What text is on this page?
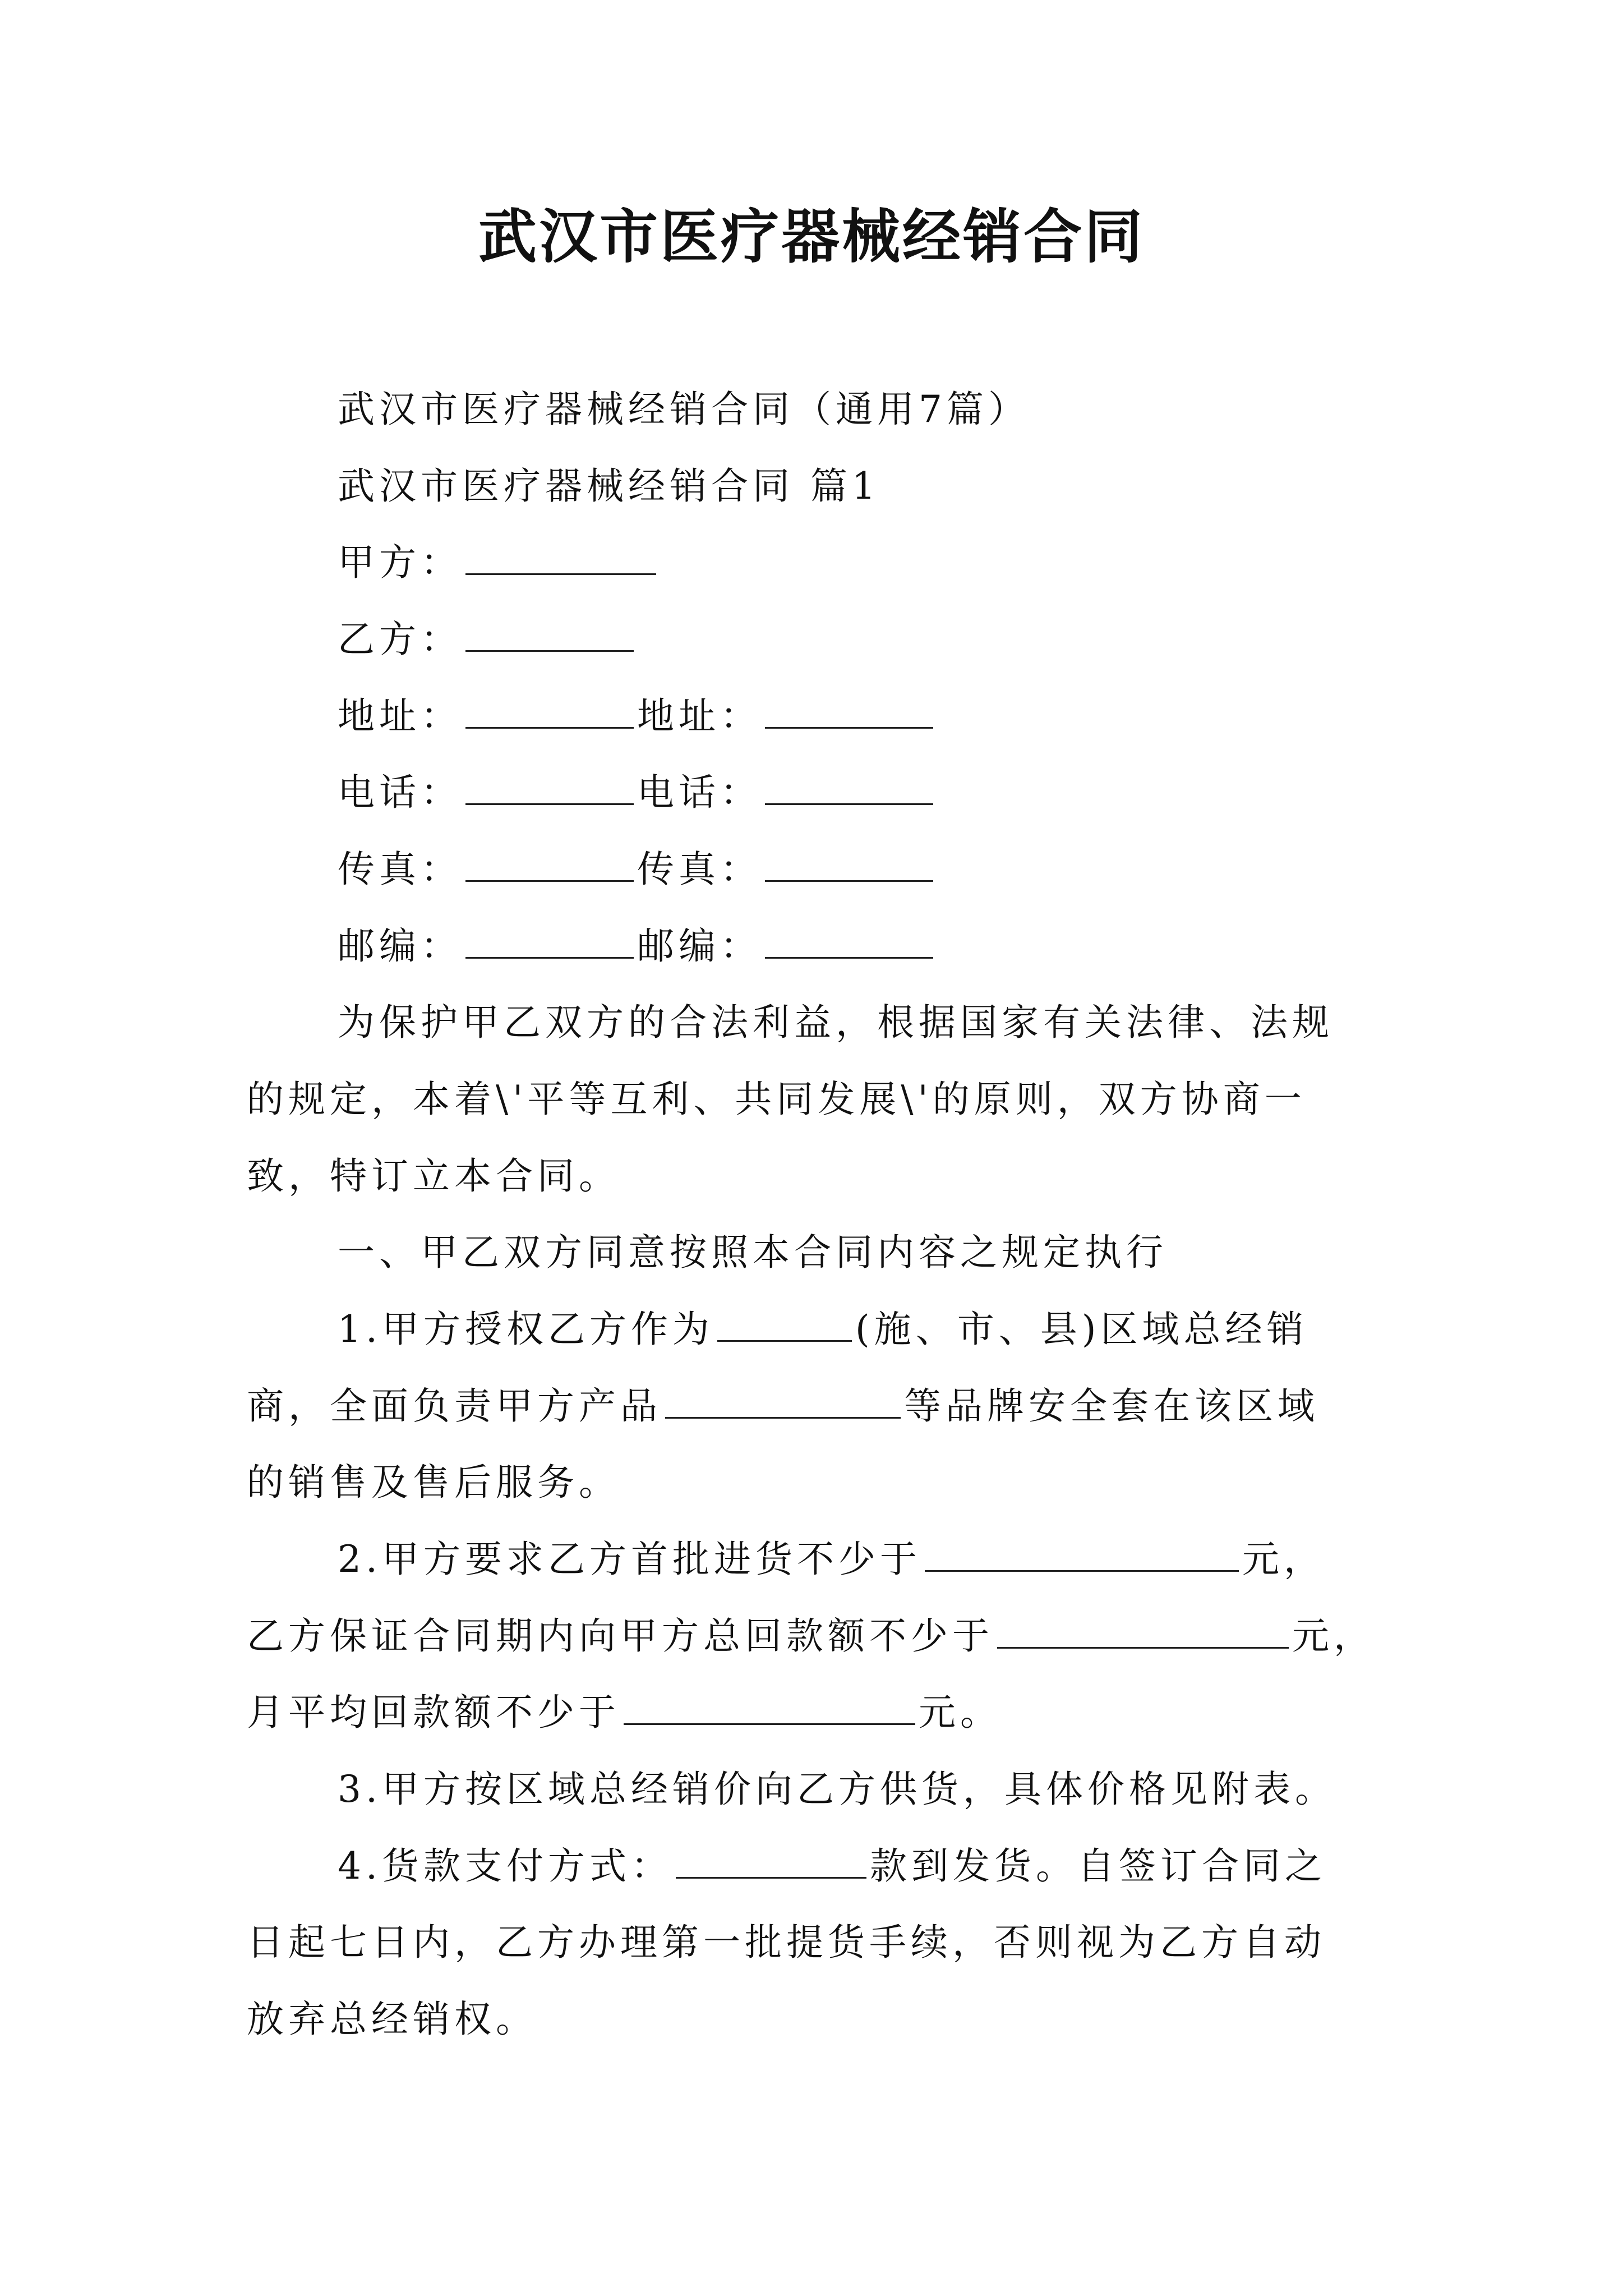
武汉市医疗器械经销合同
武汉市医疗器械经销合同（通用7篇）
武汉市医疗器械经销合同 篇1
甲方：
乙方：
地址：	地址：
电话：	电话：
传真：	传真：
邮编：	邮编：
为保护甲乙双方的合法利益，根据国家有关法律、法规
的规定，本着\'平等互利、共同发展\'的原则，双方协商一
致，特订立本合同。
一、甲乙双方同意按照本合同内容之规定执行
1.甲方授权乙方作为	(施、市、县)区域总经销
商，全面负责甲方产品	等品牌安全套在该区域
的销售及售后服务。
2.甲方要求乙方首批进货不少于	元，
乙方保证合同期内向甲方总回款额不少于	元，
月平均回款额不少于	元。
3.甲方按区域总经销价向乙方供货，具体价格见附表。
4.货款支付方式：	款到发货。自签订合同之
日起七日内，乙方办理第一批提货手续，否则视为乙方自动
放弃总经销权。
